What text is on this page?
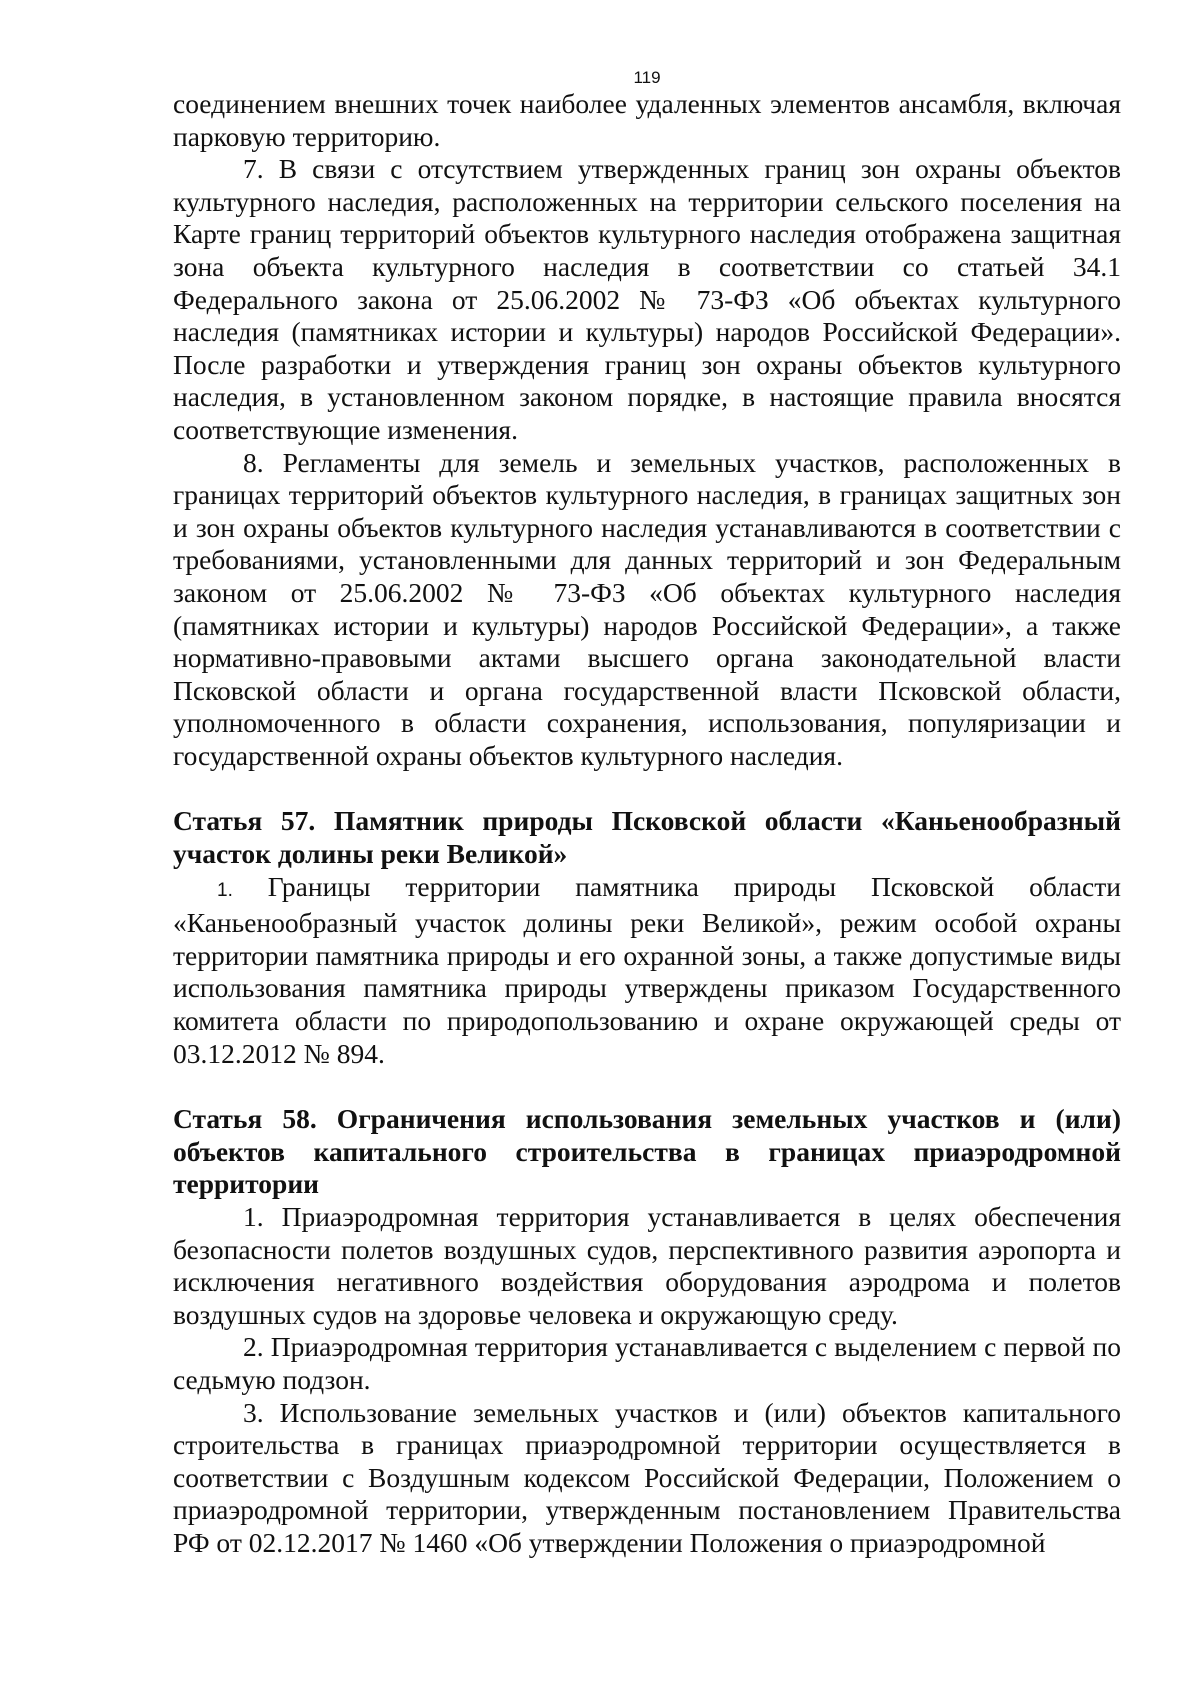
119

соединением внешних точек наиболее удаленных элементов ансамбля, включая парковую территорию.

7. В связи с отсутствием утвержденных границ зон охраны объектов культурного наследия, расположенных на территории сельского поселения на Карте границ территорий объектов культурного наследия отображена защитная зона объекта культурного наследия в соответствии со статьей 34.1 Федерального закона от 25.06.2002 № 73-ФЗ «Об объектах культурного наследия (памятниках истории и культуры) народов Российской Федерации». После разработки и утверждения границ зон охраны объектов культурного наследия, в установленном законом порядке, в настоящие правила вносятся соответствующие изменения.

8. Регламенты для земель и земельных участков, расположенных в границах территорий объектов культурного наследия, в границах защитных зон и зон охраны объектов культурного наследия устанавливаются в соответствии с требованиями, установленными для данных территорий и зон Федеральным законом от 25.06.2002 № 73-ФЗ «Об объектах культурного наследия (памятниках истории и культуры) народов Российской Федерации», а также нормативно-правовыми актами высшего органа законодательной власти Псковской области и органа государственной власти Псковской области, уполномоченного в области сохранения, использования, популяризации и государственной охраны объектов культурного наследия.

Статья 57. Памятник природы Псковской области «Каньенообразный участок долины реки Великой»

1. Границы территории памятника природы Псковской области «Каньенообразный участок долины реки Великой», режим особой охраны территории памятника природы и его охранной зоны, а также допустимые виды использования памятника природы утверждены приказом Государственного комитета области по природопользованию и охране окружающей среды от 03.12.2012 № 894.

Статья 58. Ограничения использования земельных участков и (или) объектов капитального строительства в границах приаэродромной территории

1. Приаэродромная территория устанавливается в целях обеспечения безопасности полетов воздушных судов, перспективного развития аэропорта и исключения негативного воздействия оборудования аэродрома и полетов воздушных судов на здоровье человека и окружающую среду.

2. Приаэродромная территория устанавливается с выделением с первой по седьмую подзон.

3. Использование земельных участков и (или) объектов капитального строительства в границах приаэродромной территории осуществляется в соответствии с Воздушным кодексом Российской Федерации, Положением о приаэродромной территории, утвержденным постановлением Правительства РФ от 02.12.2017 № 1460 «Об утверждении Положения о приаэродромной
